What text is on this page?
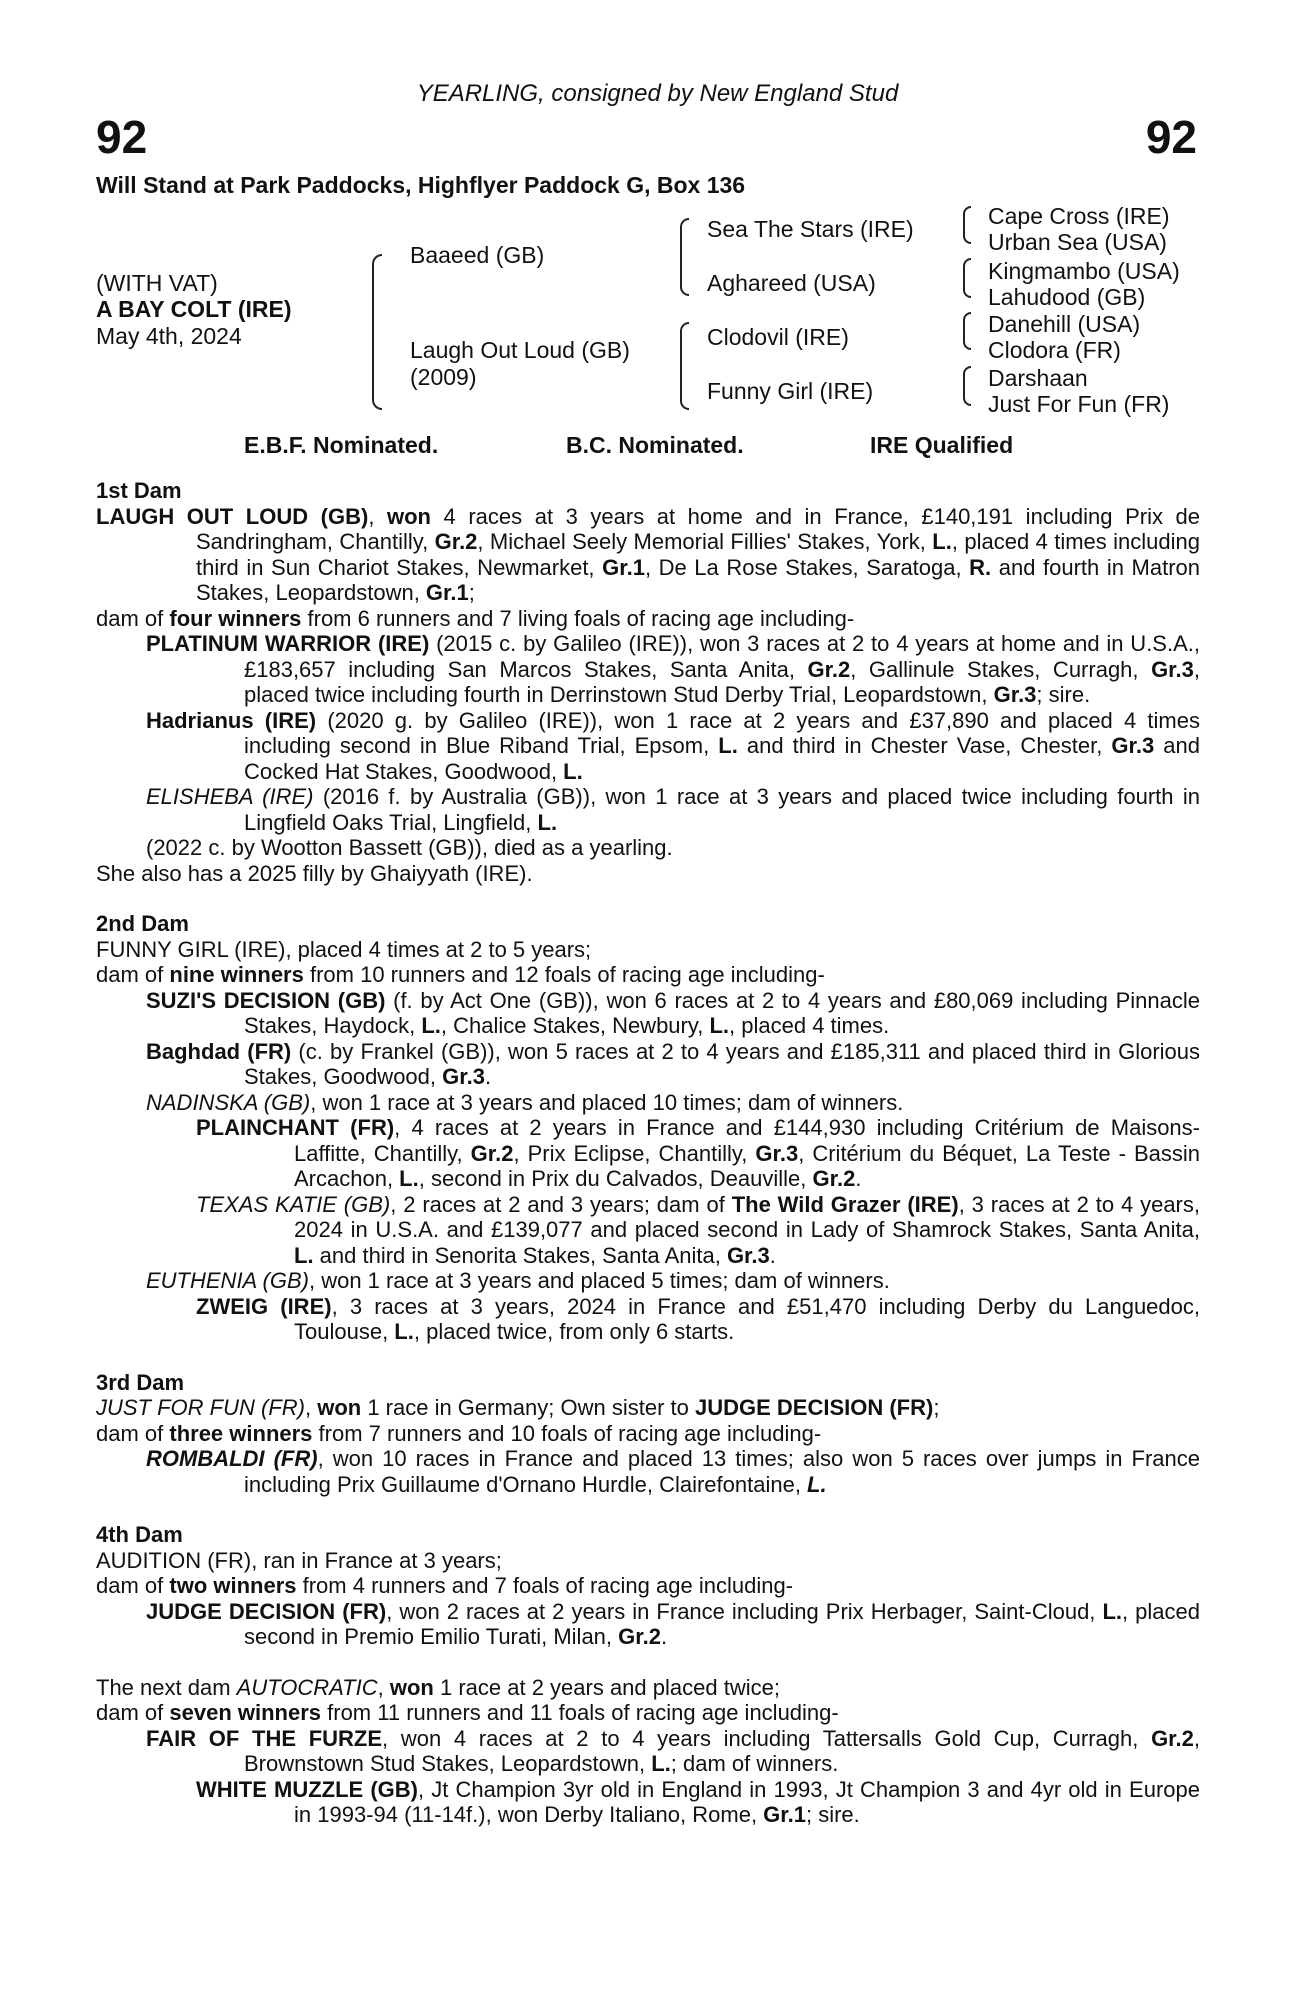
YEARLING, consigned by New England Stud
92	92
Will Stand at Park Paddocks, Highflyer Paddock G, Box 136
(WITH VAT)
A BAY COLT (IRE)
May 4th, 2024
Baaeed (GB)
Laugh Out Loud (GB)
(2009)
Sea The Stars (IRE)
Aghareed (USA)
Clodovil (IRE)
Funny Girl (IRE)
Cape Cross (IRE)
Urban Sea (USA)
Kingmambo (USA)
Lahudood (GB)
Danehill (USA)
Clodora (FR)
Darshaan
Just For Fun (FR)
E.B.F. Nominated.	B.C. Nominated.	IRE Qualified

1st Dam

LAUGH OUT LOUD (GB), won 4 races at 3 years at home and in France, £140,191 including Prix de Sandringham, Chantilly, Gr.2, Michael Seely Memorial Fillies' Stakes, York, L., placed 4 times including third in Sun Chariot Stakes, Newmarket, Gr.1, De La Rose Stakes, Saratoga, R. and fourth in Matron Stakes, Leopardstown, Gr.1;

dam of four winners from 6 runners and 7 living foals of racing age including-

PLATINUM WARRIOR (IRE) (2015 c. by Galileo (IRE)), won 3 races at 2 to 4 years at home and in U.S.A., £183,657 including San Marcos Stakes, Santa Anita, Gr.2, Gallinule Stakes, Curragh, Gr.3, placed twice including fourth in Derrinstown Stud Derby Trial, Leopardstown, Gr.3; sire.

Hadrianus (IRE) (2020 g. by Galileo (IRE)), won 1 race at 2 years and £37,890 and placed 4 times including second in Blue Riband Trial, Epsom, L. and third in Chester Vase, Chester, Gr.3 and Cocked Hat Stakes, Goodwood, L.

ELISHEBA (IRE) (2016 f. by Australia (GB)), won 1 race at 3 years and placed twice including fourth in Lingfield Oaks Trial, Lingfield, L.

(2022 c. by Wootton Bassett (GB)), died as a yearling.

She also has a 2025 filly by Ghaiyyath (IRE).

2nd Dam

FUNNY GIRL (IRE), placed 4 times at 2 to 5 years;

dam of nine winners from 10 runners and 12 foals of racing age including-

SUZI'S DECISION (GB) (f. by Act One (GB)), won 6 races at 2 to 4 years and £80,069 including Pinnacle Stakes, Haydock, L., Chalice Stakes, Newbury, L., placed 4 times.

Baghdad (FR) (c. by Frankel (GB)), won 5 races at 2 to 4 years and £185,311 and placed third in Glorious Stakes, Goodwood, Gr.3.

NADINSKA (GB), won 1 race at 3 years and placed 10 times; dam of winners.

PLAINCHANT (FR), 4 races at 2 years in France and £144,930 including Critérium de Maisons-Laffitte, Chantilly, Gr.2, Prix Eclipse, Chantilly, Gr.3, Critérium du Béquet, La Teste - Bassin Arcachon, L., second in Prix du Calvados, Deauville, Gr.2.

TEXAS KATIE (GB), 2 races at 2 and 3 years; dam of The Wild Grazer (IRE), 3 races at 2 to 4 years, 2024 in U.S.A. and £139,077 and placed second in Lady of Shamrock Stakes, Santa Anita, L. and third in Senorita Stakes, Santa Anita, Gr.3.

EUTHENIA (GB), won 1 race at 3 years and placed 5 times; dam of winners.

ZWEIG (IRE), 3 races at 3 years, 2024 in France and £51,470 including Derby du Languedoc, Toulouse, L., placed twice, from only 6 starts.

3rd Dam

JUST FOR FUN (FR), won 1 race in Germany; Own sister to JUDGE DECISION (FR);

dam of three winners from 7 runners and 10 foals of racing age including-

ROMBALDI (FR), won 10 races in France and placed 13 times; also won 5 races over jumps in France including Prix Guillaume d'Ornano Hurdle, Clairefontaine, L.

4th Dam

AUDITION (FR), ran in France at 3 years;

dam of two winners from 4 runners and 7 foals of racing age including-

JUDGE DECISION (FR), won 2 races at 2 years in France including Prix Herbager, Saint-Cloud, L., placed second in Premio Emilio Turati, Milan, Gr.2.

The next dam AUTOCRATIC, won 1 race at 2 years and placed twice;

dam of seven winners from 11 runners and 11 foals of racing age including-

FAIR OF THE FURZE, won 4 races at 2 to 4 years including Tattersalls Gold Cup, Curragh, Gr.2, Brownstown Stud Stakes, Leopardstown, L.; dam of winners.

WHITE MUZZLE (GB), Jt Champion 3yr old in England in 1993, Jt Champion 3 and 4yr old in Europe in 1993-94 (11-14f.), won Derby Italiano, Rome, Gr.1; sire.
